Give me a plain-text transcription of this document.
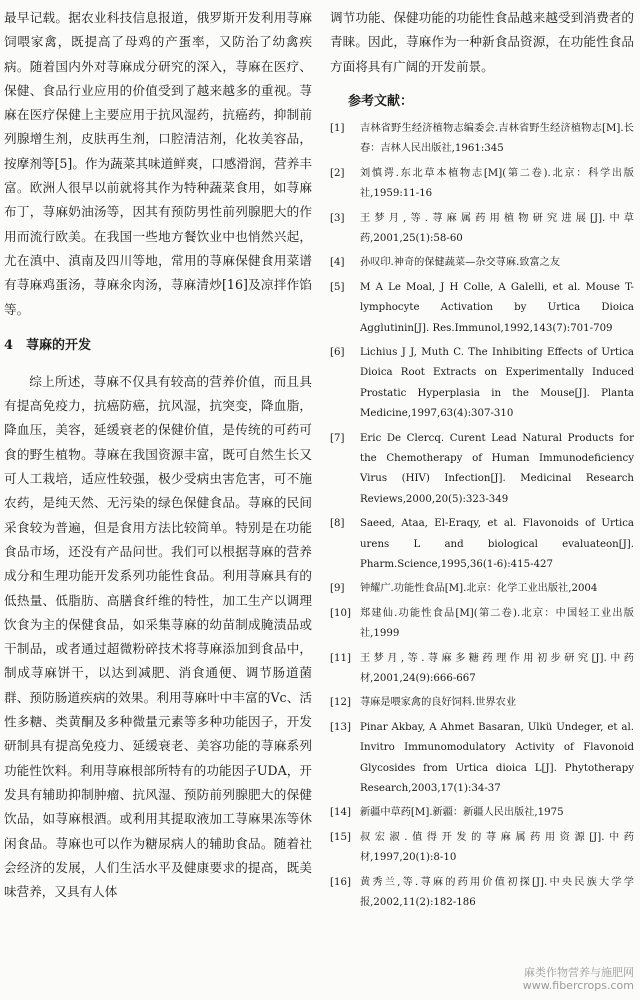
最早记载。据农业科技信息报道，俄罗斯开发利用荨麻饲喂家禽，既提高了母鸡的产蛋率，又防治了幼禽疾病。随着国内外对荨麻成分研究的深入，荨麻在医疗、保健、食品行业应用的价值受到了越来越多的重视。荨麻在医疗保健上主要应用于抗风湿药，抗癌药，抑制前列腺增生剂，皮肤再生剂，口腔清洁剂，化妆美容品，按摩剂等[5]。作为蔬菜其味道鲜爽，口感滑润，营养丰富。欧洲人很早以前就将其作为特种蔬菜食用，如荨麻布丁，荨麻奶油汤等，因其有预防男性前列腺肥大的作用而流行欧美。在我国一些地方餐饮业中也悄然兴起，尤在滇中、滇南及四川等地，常用的荨麻保健食用菜谱有荨麻鸡蛋汤，荨麻氽肉汤，荨麻清炒[16]及凉拌作馅等。

4 荨麻的开发

综上所述，荨麻不仅具有较高的营养价值，而且具有提高免疫力，抗癌防癌，抗风湿，抗突变，降血脂，降血压，美容，延缓衰老的保健价值，是传统的可药可食的野生植物。荨麻在我国资源丰富，既可自然生长又可人工栽培，适应性较强，极少受病虫害危害，可不施农药，是纯天然、无污染的绿色保健食品。荨麻的民间采食较为普遍，但是食用方法比较简单。特别是在功能食品市场，还没有产品问世。我们可以根据荨麻的营养成分和生理功能开发系列功能性食品。利用荨麻具有的低热量、低脂肪、高膳食纤维的特性，加工生产以调理饮食为主的保健食品，如采集荨麻的幼苗制成腌渍品或干制品，或者通过超微粉碎技术将荨麻添加到食品中，制成荨麻饼干，以达到减肥、消食通便、调节肠道菌群、预防肠道疾病的效果。利用荨麻叶中丰富的Vc、活性多糖、类黄酮及多种微量元素等多种功能因子，开发研制具有提高免疫力、延缓衰老、美容功能的荨麻系列功能性饮料。利用荨麻根部所特有的功能因子UDA，开发具有辅助抑制肿瘤、抗风湿、预防前列腺肥大的保健饮品，如荨麻根酒。或利用其提取液加工荨麻果冻等休闲食品。荨麻也可以作为糖尿病人的辅助食品。随着社会经济的发展，人们生活水平及健康要求的提高，既美味营养，又具有人体

调节功能、保健功能的功能性食品越来越受到消费者的青睐。因此，荨麻作为一种新食品资源，在功能性食品方面将具有广阔的开发前景。

参考文献：
[1] 吉林省野生经济植物志编委会.吉林省野生经济植物志[M].长春：吉林人民出版社,1961:345
[2] 刘慎谔.东北草本植物志[M](第二卷).北京：科学出版社,1959:11-16
[3] 王梦月,等.荨麻属药用植物研究进展[J].中草药,2001,25(1):58-60
[4] 孙叹印.神奇的保健蔬菜—杂交荨麻.致富之友
[5] M A Le Moal, J H Colle, A Galelli, et al. Mouse T-lymphocyte Activation by Urtica Dioica Agglutinin[J]. Res.Immunol,1992,143(7):701-709
[6] Lichius J J, Muth C. The Inhibiting Effects of Urtica Dioica Root Extracts on Experimentally Induced Prostatic Hyperplasia in the Mouse[J]. Planta Medicine,1997,63(4):307-310
[7] Eric De Clercq. Curent Lead Natural Products for the Chemotherapy of Human Immunodeficiency Virus (HIV) Infection[J]. Medicinal Research Reviews,2000,20(5):323-349
[8] Saeed, Ataa, El-Eraqy, et al. Flavonoids of Urtica urens L and biological evaluateon[J]. Pharm.Science,1995,36(1-6):415-427
[9] 钟耀广.功能性食品[M].北京：化学工业出版社,2004
[10] 郑建仙.功能性食品[M](第二卷).北京：中国轻工业出版社,1999
[11] 王梦月,等.荨麻多糖药理作用初步研究[J].中药材,2001,24(9):666-667
[12] 荨麻是喂家禽的良好饲料.世界农业
[13] Pinar Akbay, A Ahmet Basaran, Ulkü Undeger, et al. Invitro Immunomodulatory Activity of Flavonoid Glycosides from Urtica dioica L[J]. Phytotherapy Research,2003,17(1):34-37
[14] 新疆中草药[M].新疆：新疆人民出版社,1975
[15] 叔宏淑.值得开发的荨麻属药用资源[J].中药材,1997,20(1):8-10
[16] 黄秀兰,等.荨麻的药用价值初探[J].中央民族大学学报,2002,11(2):182-186
麻类作物营养与施肥网
www.fibercrops.com
